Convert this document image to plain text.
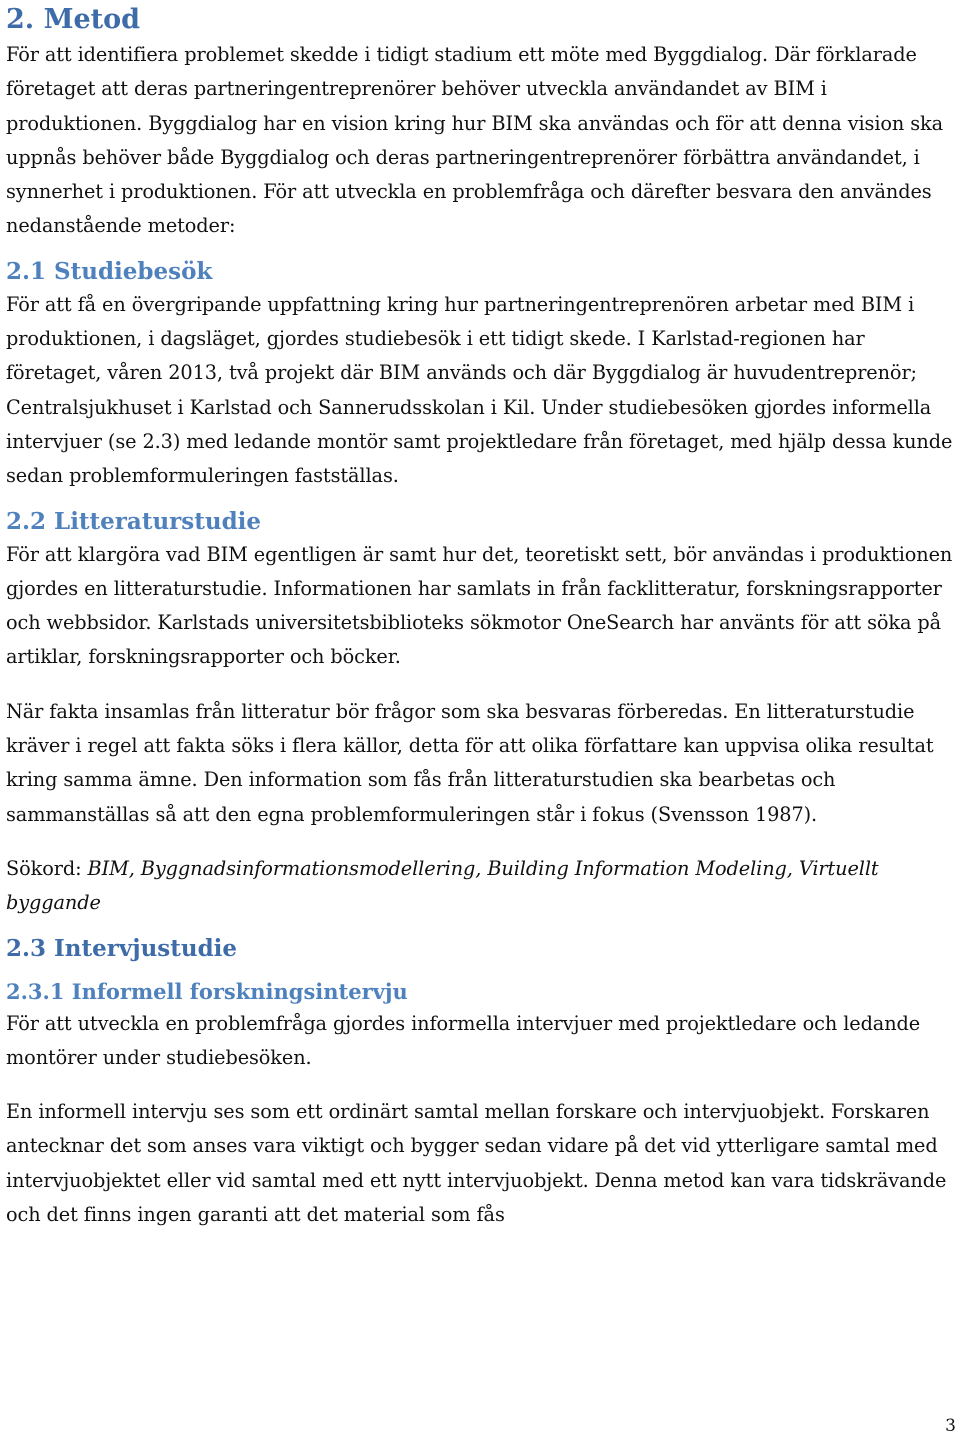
2. Metod

För att identifiera problemet skedde i tidigt stadium ett möte med Byggdialog. Där förklarade företaget att deras partneringentreprenörer behöver utveckla användandet av BIM i produktionen. Byggdialog har en vision kring hur BIM ska användas och för att denna vision ska uppnås behöver både Byggdialog och deras partneringentreprenörer förbättra användandet, i synnerhet i produktionen. För att utveckla en problemfråga och därefter besvara den användes nedanstående metoder:

2.1 Studiebesök

För att få en övergripande uppfattning kring hur partneringentreprenören arbetar med BIM i produktionen, i dagsläget, gjordes studiebesök i ett tidigt skede. I Karlstad-regionen har företaget, våren 2013, två projekt där BIM används och där Byggdialog är huvudentreprenör; Centralsjukhuset i Karlstad och Sannerudsskolan i Kil. Under studiebesöken gjordes informella intervjuer (se 2.3) med ledande montör samt projektledare från företaget, med hjälp dessa kunde sedan problemformuleringen fastställas.

2.2 Litteraturstudie

För att klargöra vad BIM egentligen är samt hur det, teoretiskt sett, bör användas i produktionen gjordes en litteraturstudie. Informationen har samlats in från facklitteratur, forskningsrapporter och webbsidor. Karlstads universitetsbiblioteks sökmotor OneSearch har använts för att söka på artiklar, forskningsrapporter och böcker.

När fakta insamlas från litteratur bör frågor som ska besvaras förberedas. En litteraturstudie kräver i regel att fakta söks i flera källor, detta för att olika författare kan uppvisa olika resultat kring samma ämne. Den information som fås från litteraturstudien ska bearbetas och sammanställas så att den egna problemformuleringen står i fokus (Svensson 1987).

Sökord: BIM, Byggnadsinformationsmodellering, Building Information Modeling, Virtuellt byggande

2.3 Intervjustudie
2.3.1 Informell forskningsintervju

För att utveckla en problemfråga gjordes informella intervjuer med projektledare och ledande montörer under studiebesöken.

En informell intervju ses som ett ordinärt samtal mellan forskare och intervjuobjekt. Forskaren antecknar det som anses vara viktigt och bygger sedan vidare på det vid ytterligare samtal med intervjuobjektet eller vid samtal med ett nytt intervjuobjekt. Denna metod kan vara tidskrävande och det finns ingen garanti att det material som fås

3
